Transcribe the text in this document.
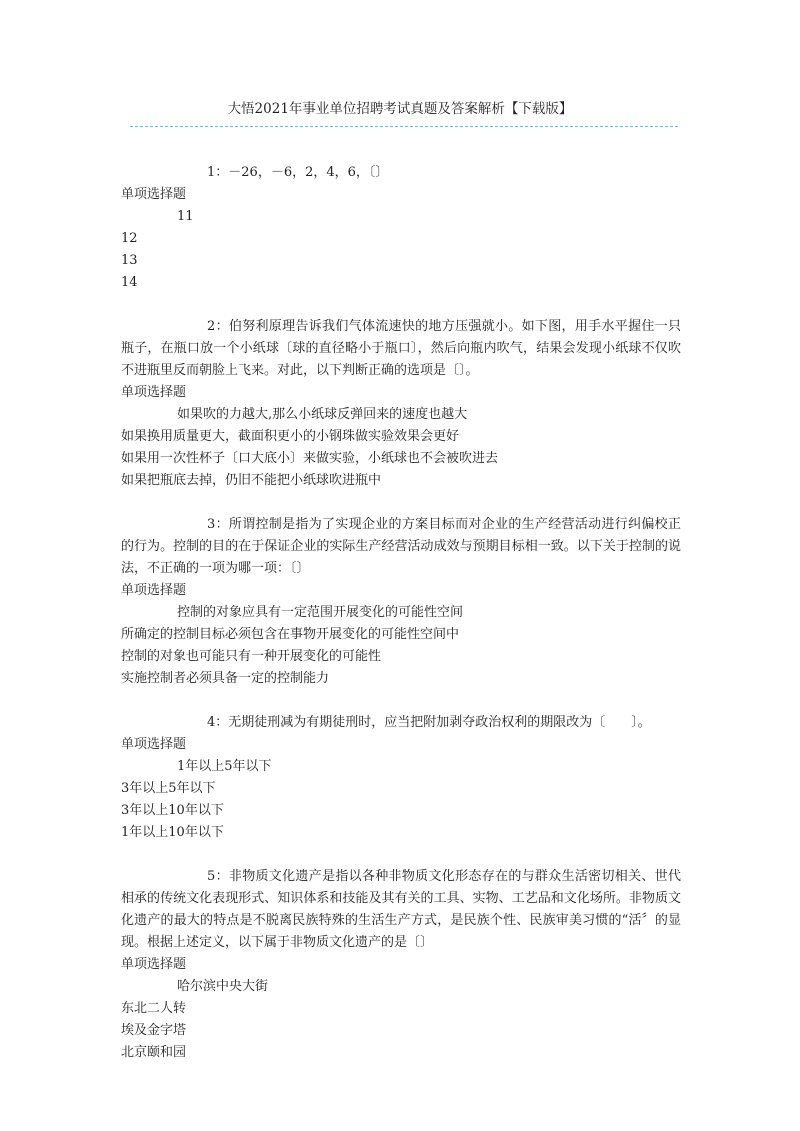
大悟2021年事业单位招聘考试真题及答案解析【下载版】

1：－26，－6，2，4，6，〔〕

单项选择题

11

12

13

14

2：伯努利原理告诉我们气体流速快的地方压强就小。如下图，用手水平握住一只瓶子，在瓶口放一个小纸球〔球的直径略小于瓶口〕，然后向瓶内吹气，结果会发现小纸球不仅吹不进瓶里反而朝脸上飞来。对此，以下判断正确的选项是〔〕。

单项选择题

如果吹的力越大,那么小纸球反弹回来的速度也越大

如果换用质量更大，截面积更小的小钢珠做实验效果会更好

如果用一次性杯子〔口大底小〕来做实验，小纸球也不会被吹进去

如果把瓶底去掉，仍旧不能把小纸球吹进瓶中

3：所谓控制是指为了实现企业的方案目标而对企业的生产经营活动进行纠偏校正的行为。控制的目的在于保证企业的实际生产经营活动成效与预期目标相一致。以下关于控制的说法，不正确的一项为哪一项：〔〕

单项选择题

控制的对象应具有一定范围开展变化的可能性空间

所确定的控制目标必须包含在事物开展变化的可能性空间中

控制的对象也可能只有一种开展变化的可能性

实施控制者必须具备一定的控制能力

4：无期徒刑减为有期徒刑时，应当把附加剥夺政治权利的期限改为〔　　〕。

单项选择题

1年以上5年以下

3年以上5年以下

3年以上10年以下

1年以上10年以下

5：非物质文化遗产是指以各种非物质文化形态存在的与群众生活密切相关、世代相承的传统文化表现形式、知识体系和技能及其有关的工具、实物、工艺品和文化场所。非物质文化遗产的最大的特点是不脱离民族特殊的生活生产方式，是民族个性、民族审美习惯的“活〞的显现。根据上述定义，以下属于非物质文化遗产的是〔〕

单项选择题

哈尔滨中央大街

东北二人转

埃及金字塔

北京颐和园
